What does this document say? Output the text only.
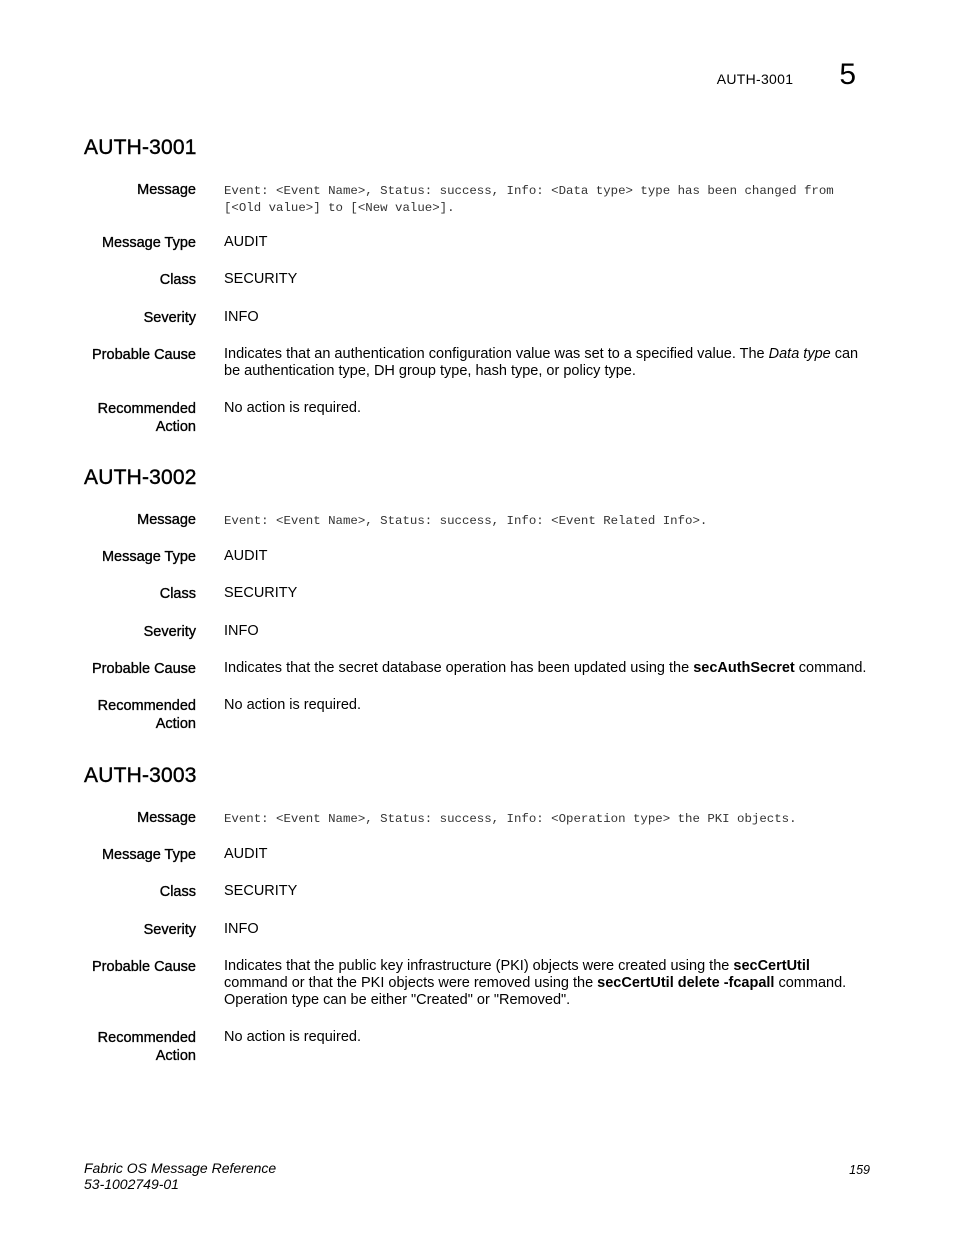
AUTH-3001 5
AUTH-3001
Message Event: <Event Name>, Status: success, Info: <Data type> type has been changed from [<Old value>] to [<New value>].
Message Type AUDIT
Class SECURITY
Severity INFO
Probable Cause Indicates that an authentication configuration value was set to a specified value. The Data type can be authentication type, DH group type, hash type, or policy type.
Recommended
Action
No action is required.
AUTH-3002
Message Event: <Event Name>, Status: success, Info: <Event Related Info>.
Message Type AUDIT
Class SECURITY
Severity INFO
Probable Cause Indicates that the secret database operation has been updated using the secAuthSecret command.
Recommended
Action
No action is required.
AUTH-3003
Message Event: <Event Name>, Status: success, Info: <Operation type> the PKI objects.
Message Type AUDIT
Class SECURITY
Severity INFO
Probable Cause Indicates that the public key infrastructure (PKI) objects were created using the secCertUtil command or that the PKI objects were removed using the secCertUtil delete -fcapall command. Operation type can be either "Created" or "Removed".
Recommended
Action
No action is required.
Fabric OS Message Reference
53-1002749-01
159
